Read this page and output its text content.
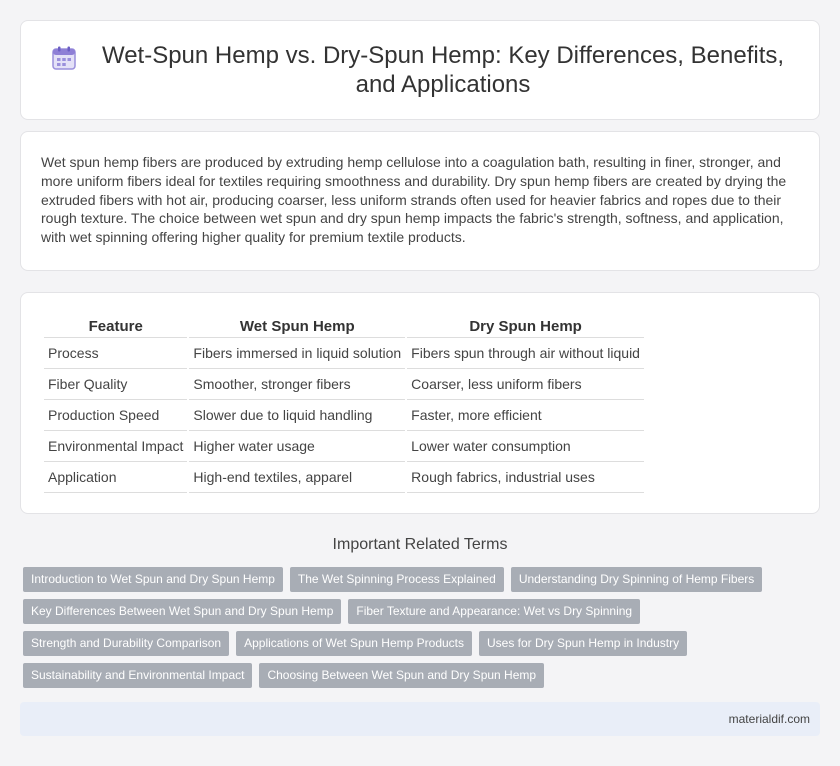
Wet-Spun Hemp vs. Dry-Spun Hemp: Key Differences, Benefits, and Applications

Wet spun hemp fibers are produced by extruding hemp cellulose into a coagulation bath, resulting in finer, stronger, and more uniform fibers ideal for textiles requiring smoothness and durability. Dry spun hemp fibers are created by drying the extruded fibers with hot air, producing coarser, less uniform strands often used for heavier fabrics and ropes due to their rough texture. The choice between wet spun and dry spun hemp impacts the fabric's strength, softness, and application, with wet spinning offering higher quality for premium textile products.

Feature	Wet Spun Hemp	Dry Spun Hemp
Process	Fibers immersed in liquid solution	Fibers spun through air without liquid
Fiber Quality	Smoother, stronger fibers	Coarser, less uniform fibers
Production Speed	Slower due to liquid handling	Faster, more efficient
Environmental Impact	Higher water usage	Lower water consumption
Application	High-end textiles, apparel	Rough fabrics, industrial uses
Important Related Terms
Introduction to Wet Spun and Dry Spun Hemp	The Wet Spinning Process Explained	Understanding Dry Spinning of Hemp Fibers
Key Differences Between Wet Spun and Dry Spun Hemp	Fiber Texture and Appearance: Wet vs Dry Spinning
Strength and Durability Comparison	Applications of Wet Spun Hemp Products	Uses for Dry Spun Hemp in Industry
Sustainability and Environmental Impact	Choosing Between Wet Spun and Dry Spun Hemp
materialdif.com
